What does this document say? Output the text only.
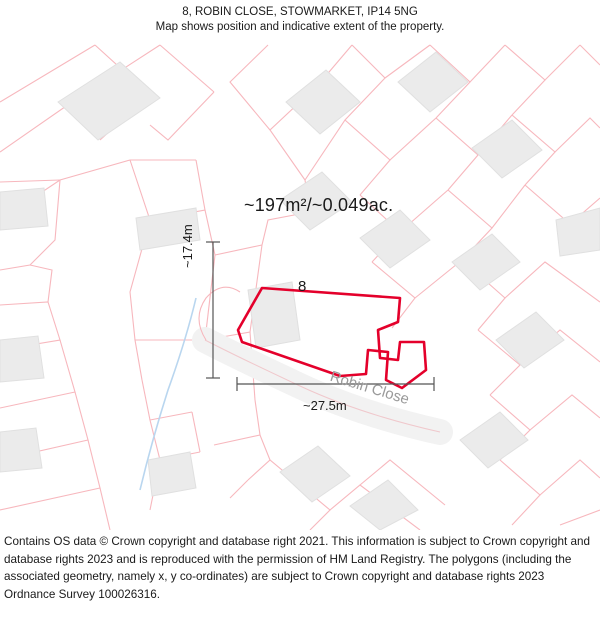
8, ROBIN CLOSE, STOWMARKET, IP14 5NG
Map shows position and indicative extent of the property.
~197m²/~0.049ac.
8
~17.4m
~27.5m
Robin Close
Contains OS data © Crown copyright and database right 2021. This information is subject to Crown copyright and database rights 2023 and is reproduced with the permission of HM Land Registry. The polygons (including the associated geometry, namely x, y co-ordinates) are subject to Crown copyright and database rights 2023 Ordnance Survey 100026316.
